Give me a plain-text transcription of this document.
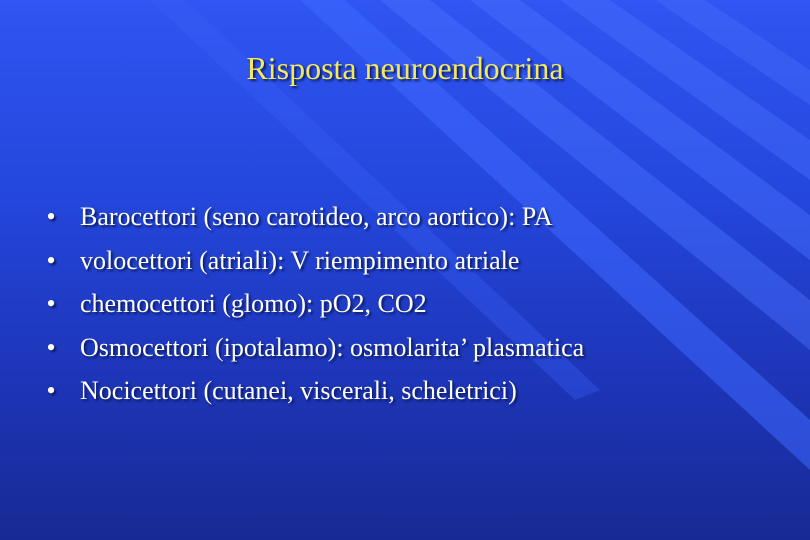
Risposta neuroendocrina
• Barocettori (seno carotideo, arco aortico): PA
• volocettori (atriali): V riempimento atriale
• chemocettori (glomo): pO2, CO2
• Osmocettori (ipotalamo): osmolarita’ plasmatica
• Nocicettori (cutanei, viscerali, scheletrici)
